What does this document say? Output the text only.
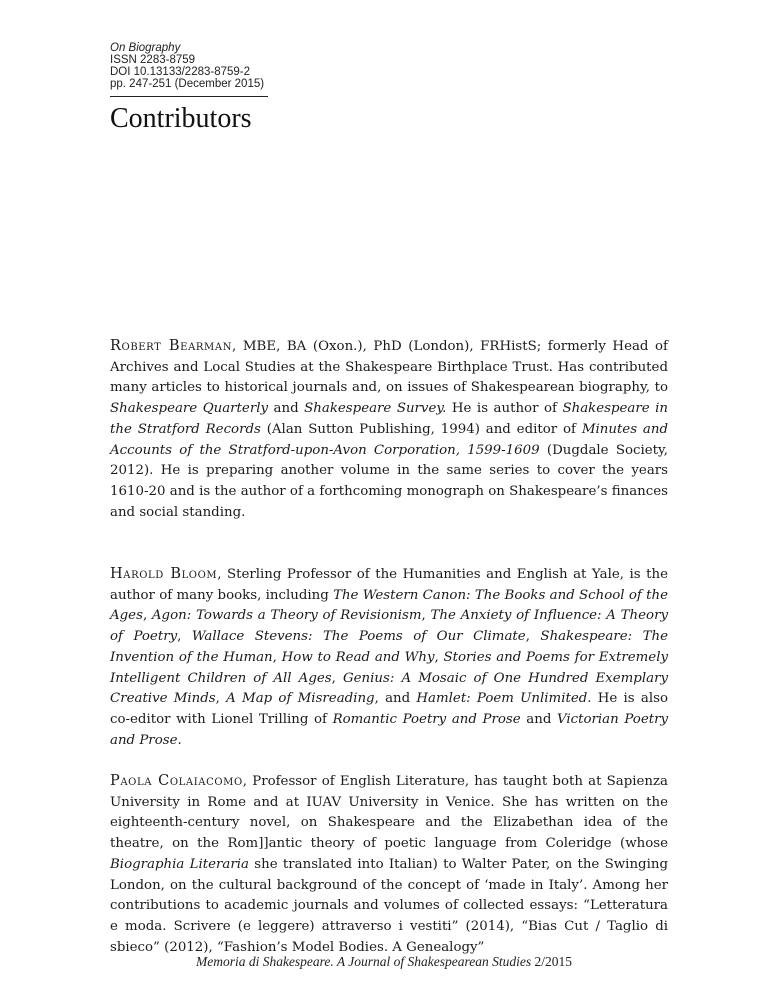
On Biography
ISSN 2283-8759
DOI 10.13133/2283-8759-2
pp. 247-251 (December 2015)
Contributors

Robert Bearman, MBE, BA (Oxon.), PhD (London), FRHistS; formerly Head of Archives and Local Studies at the Shakespeare Birthplace Trust. Has contributed many articles to historical journals and, on issues of Shakespearean biography, to Shakespeare Quarterly and Shakespeare Survey. He is author of Shakespeare in the Stratford Records (Alan Sutton Publishing, 1994) and editor of Minutes and Accounts of the Stratford-upon-Avon Corporation, 1599-1609 (Dugdale Society, 2012). He is preparing another volume in the same series to cover the years 1610-20 and is the author of a forthcoming monograph on Shakespeare’s finances and social standing.

Harold Bloom, Sterling Professor of the Humanities and English at Yale, is the author of many books, including The Western Canon: The Books and School of the Ages, Agon: Towards a Theory of Revisionism, The Anxiety of Influence: A Theory of Poetry, Wallace Stevens: The Poems of Our Climate, Shakespeare: The Invention of the Human, How to Read and Why, Stories and Poems for Extremely Intelligent Children of All Ages, Genius: A Mosaic of One Hundred Exemplary Creative Minds, A Map of Misreading, and Hamlet: Poem Unlimited. He is also co-editor with Lionel Trilling of Romantic Poetry and Prose and Victorian Poetry and Prose.

Paola Colaiacomo, Professor of English Literature, has taught both at Sapienza University in Rome and at IUAV University in Venice. She has written on the eighteenth-century novel, on Shakespeare and the Elizabethan idea of the theatre, on the Rom]]antic theory of poetic language from Coleridge (whose Biographia Literaria she translated into Italian) to Walter Pater, on the Swinging London, on the cultural background of the concept of ‘made in Italy’. Among her contributions to academic journals and volumes of collected essays: “Letteratura e moda. Scrivere (e leggere) attraverso i vestiti” (2014), “Bias Cut / Taglio di sbieco” (2012), “Fashion’s Model Bodies. A Genealogy”

Memoria di Shakespeare. A Journal of Shakespearean Studies 2/2015
